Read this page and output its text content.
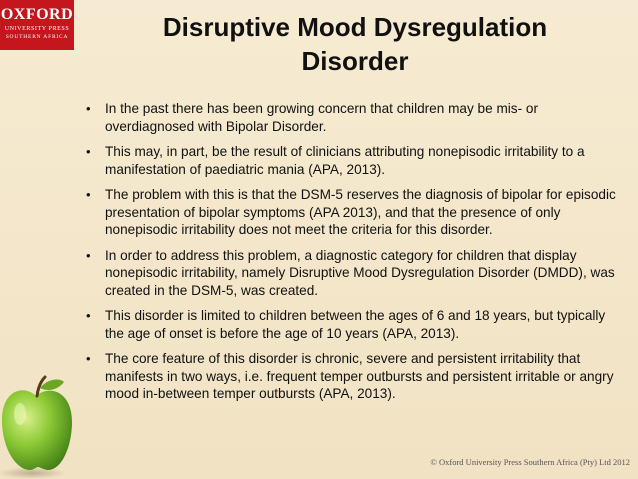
OXFORD
UNIVERSITY PRESS
SOUTHERN AFRICA	Disruptive Mood Dysregulation
Disorder
• In the past there has been growing concern that children may be mis- or overdiagnosed with Bipolar Disorder.
• This may, in part, be the result of clinicians attributing nonepisodic irritability to a manifestation of paediatric mania (APA, 2013).
• The problem with this is that the DSM-5 reserves the diagnosis of bipolar for episodic presentation of bipolar symptoms (APA 2013), and that the presence of only nonepisodic irritability does not meet the criteria for this disorder.
• In order to address this problem, a diagnostic category for children that display nonepisodic irritability, namely Disruptive Mood Dysregulation Disorder (DMDD), was created in the DSM-5, was created.
• This disorder is limited to children between the ages of 6 and 18 years, but typically the age of onset is before the age of 10 years (APA, 2013).
• The core feature of this disorder is chronic, severe and persistent irritability that manifests in two ways, i.e. frequent temper outbursts and persistent irritable or angry mood in-between temper outbursts (APA, 2013).
© Oxford University Press Southern Africa (Pty) Ltd 2012
